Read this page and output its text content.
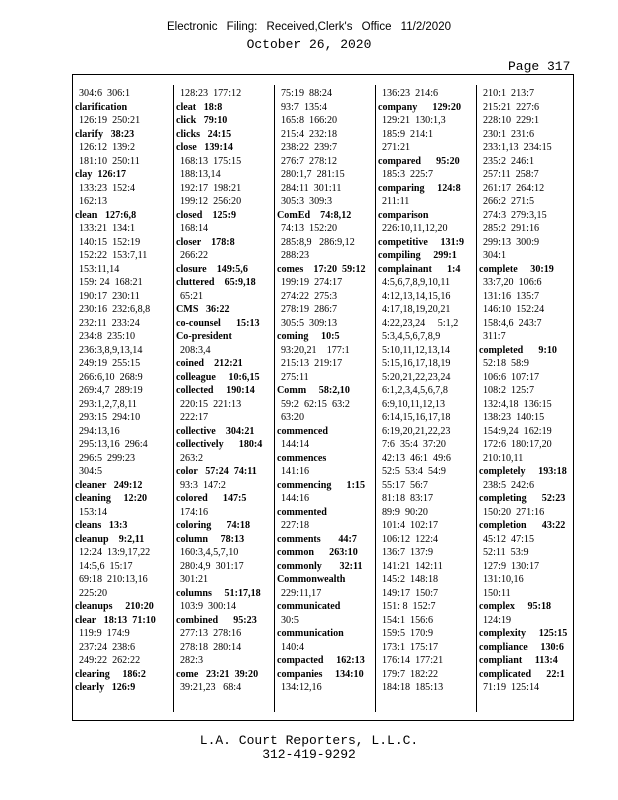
Electronic Filing: Received,Clerk's Office 11/2/2020
October 26, 2020
Page 317
304:6  306:1
clarification
126:19  250:21
clarify   38:23
126:12  139:2
181:10  250:11
clay  126:17
133:23  152:4
162:13
clean   127:6,8
133:21  134:1
140:15  152:19
152:22  153:7,11
153:11,14
159: 24  168:21
190:17  230:11
230:16  232:6,8,8
232:11  233:24
234:8  235:10
236:3,8,9,13,14
249:19  255:15
266:6,10  268:9
269:4,7  289:19
293:1,2,7,8,11
293:15  294:10
294:13,16
295:13,16  296:4
296:5  299:23
304:5
cleaner   249:12
cleaning     12:20
153:14
cleans   13:3
cleanup    9:2,11
12:24  13:9,17,22
14:5,6  15:17
69:18  210:13,16
225:20
cleanups     210:20
clear   18:13  71:10
119:9  174:9
237:24  238:6
249:22  262:22
clearing     186:2
clearly   126:9
128:23  177:12
cleat   18:8
click   79:10
clicks   24:15
close   139:14
168:13  175:15
188:13,14
192:17  198:21
199:12  256:20
closed    125:9
168:14
closer    178:8
266:22
closure    149:5,6
cluttered    65:9,18
65:21
CMS   36:22
co-counsel      15:13
Co-president
208:3,4
coined    212:21
colleague     10:6,15
collected     190:14
220:15  221:13
222:17
collective    304:21
collectively      180:4
263:2
color   57:24  74:11
93:3  147:2
colored      147:5
174:16
coloring      74:18
column     78:13
160:3,4,5,7,10
280:4,9  301:17
301:21
columns     51:17,18
103:9  300:14
combined      95:23
277:13  278:16
278:18  280:14
282:3
come   23:21  39:20
39:21,23   68:4
75:19  88:24
93:7  135:4
165:8  166:20
215:4  232:18
238:22  239:7
276:7  278:12
280:1,7  281:15
284:11  301:11
305:3  309:3
ComEd    74:8,12
74:13  152:20
285:8,9   286:9,12
288:23
comes    17:20  59:12
199:19  274:17
274:22  275:3
278:19  286:7
305:5  309:13
coming     10:5
93:20,21    177:1
215:13  219:17
275:11
Comm     58:2,10
59:2  62:15  63:2
63:20
commenced
144:14
commences
141:16
commencing      1:15
144:16
commented
227:18
comments       44:7
common      263:10
commonly       32:11
Commonwealth
229:11,17
communicated
30:5
communication
140:4
compacted     162:13
companies     134:10
134:12,16
136:23  214:6
company      129:20
129:21  130:1,3
185:9  214:1
271:21
compared      95:20
185:3  225:7
comparing     124:8
211:11
comparison
226:10,11,12,20
competitive     131:9
compiling     299:1
complainant      1:4
4:5,6,7,8,9,10,11
4:12,13,14,15,16
4:17,18,19,20,21
4:22,23,24     5:1,2
5:3,4,5,6,7,8,9
5:10,11,12,13,14
5:15,16,17,18,19
5:20,21,22,23,24
6:1,2,3,4,5,6,7,8
6:9,10,11,12,13
6:14,15,16,17,18
6:19,20,21,22,23
7:6  35:4  37:20
42:13  46:1  49:6
52:5  53:4  54:9
55:17  56:7
81:18  83:17
89:9  90:20
101:4  102:17
106:12  122:4
136:7  137:9
141:21  142:11
145:2  148:18
149:17  150:7
151: 8  152:7
154:1  156:6
159:5  170:9
173:1  175:17
176:14  177:21
179:7  182:22
184:18  185:13
210:1  213:7
215:21  227:6
228:10  229:1
230:1  231:6
233:1,13  234:15
235:2  246:1
257:11  258:7
261:17  264:12
266:2  271:5
274:3  279:3,15
285:2  291:16
299:13  300:9
304:1
complete     30:19
33:7,20  106:6
131:16  135:7
146:10  152:24
158:4,6  243:7
311:7
completed      9:10
52:18  58:9
106:6  107:17
108:2  125:7
132:4,18  136:15
138:23  140:15
154:9,24  162:19
172:6  180:17,20
210:10,11
completely     193:18
238:5  242:6
completing      52:23
150:20  271:16
completion      43:22
45:12  47:15
52:11  53:9
127:9  130:17
131:10,16
150:11
complex     95:18
124:19
complexity     125:15
compliance     130:6
compliant     113:4
complicated      22:1
71:19  125:14
L.A. Court Reporters, L.L.C.
312-419-9292
